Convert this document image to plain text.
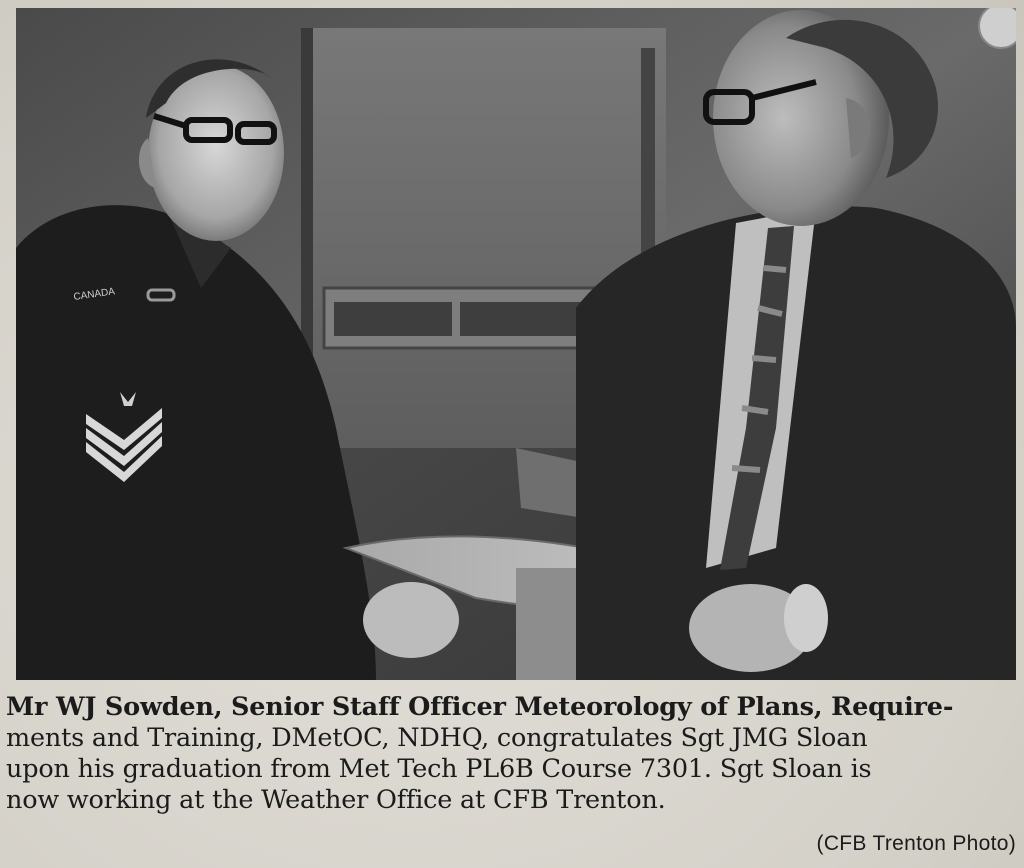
CANADA
Mr WJ Sowden, Senior Staff Officer Meteorology of Plans, Require-
ments and Training, DMetOC, NDHQ, congratulates Sgt JMG Sloan
upon his graduation from Met Tech PL6B Course 7301. Sgt Sloan is
now working at the Weather Office at CFB Trenton.
(CFB Trenton Photo)
